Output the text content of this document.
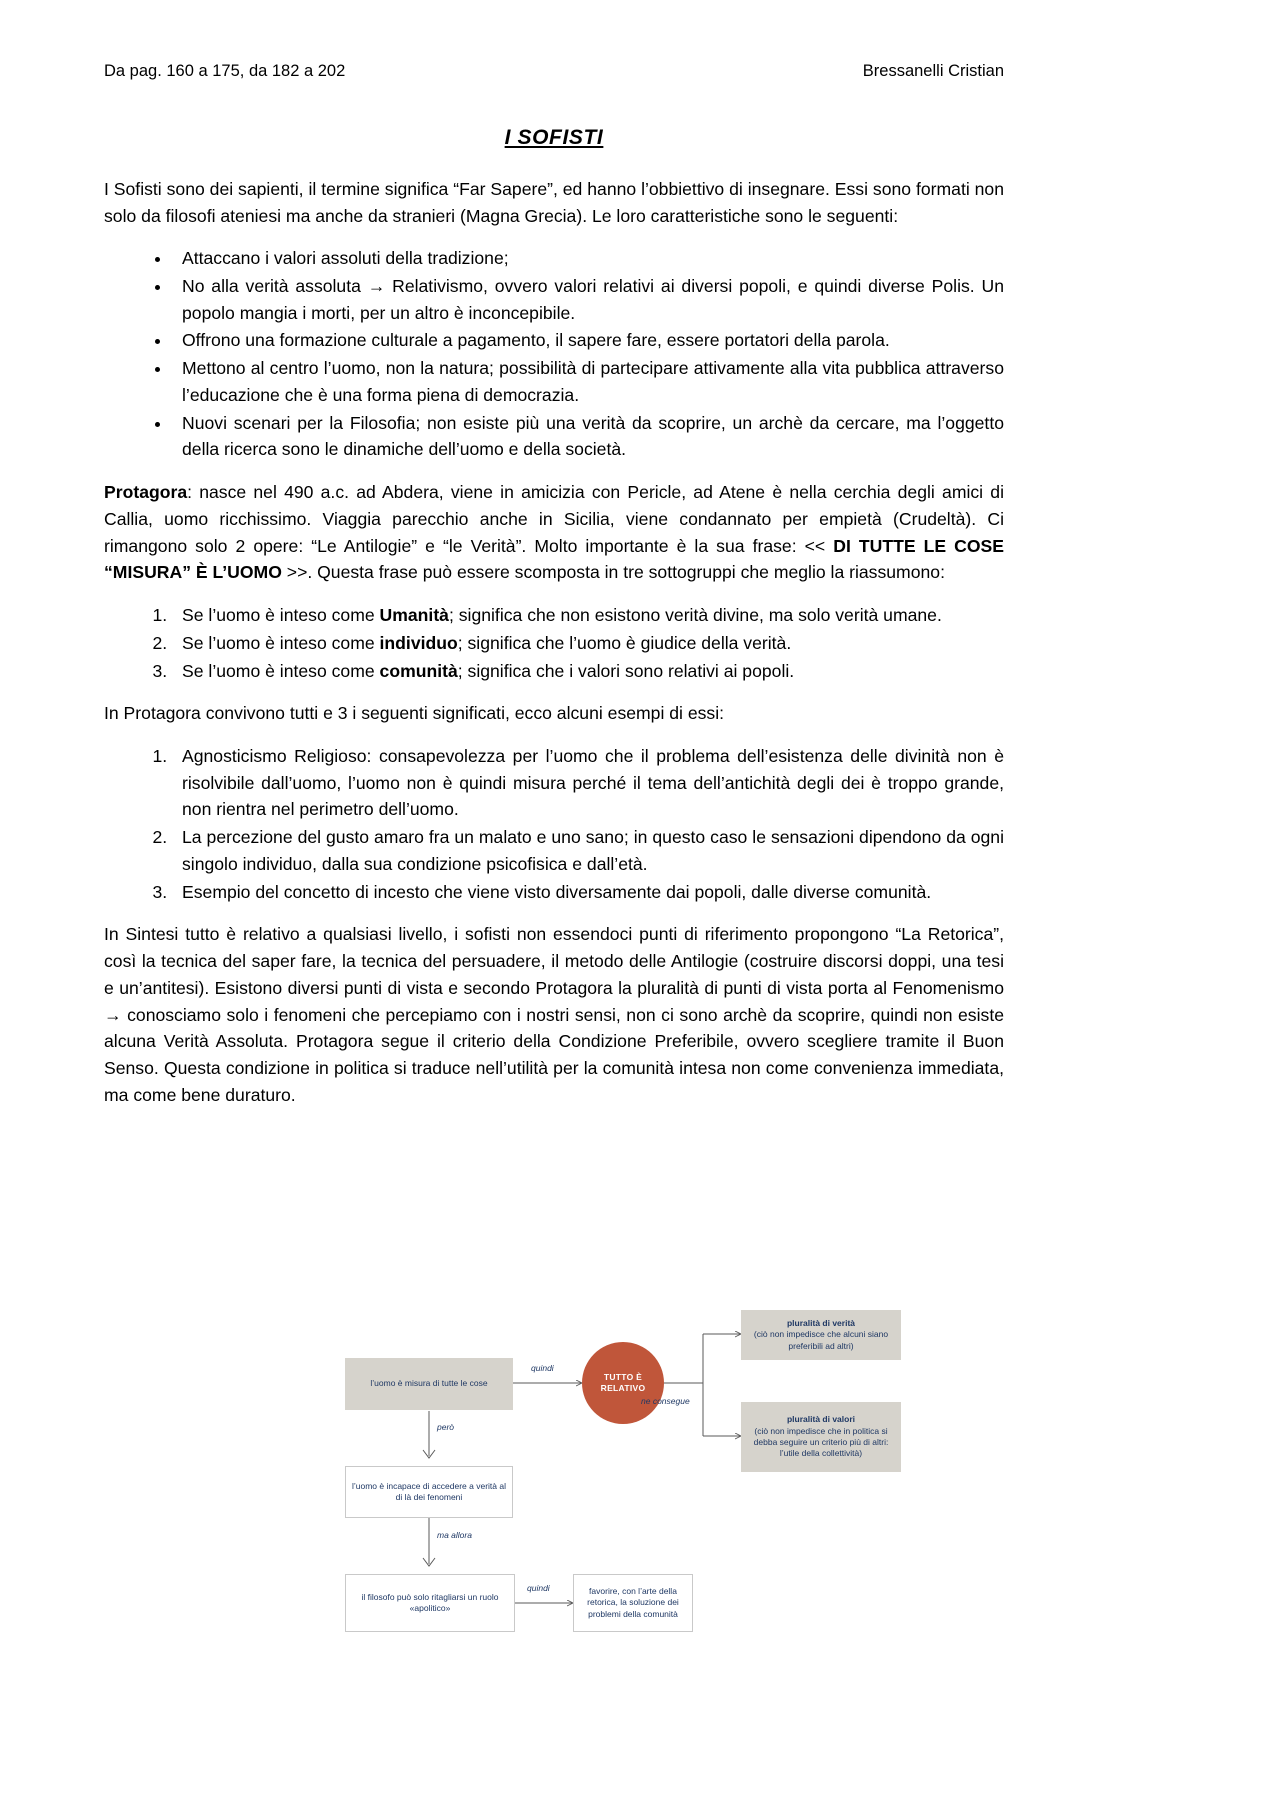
Da pag. 160 a 175, da 182 a 202	Bressanelli Cristian
I SOFISTI

I Sofisti sono dei sapienti, il termine significa “Far Sapere”, ed hanno l’obbiettivo di insegnare. Essi sono formati non solo da filosofi ateniesi ma anche da stranieri (Magna Grecia). Le loro caratteristiche sono le seguenti:

• Attaccano i valori assoluti della tradizione;
• No alla verità assoluta → Relativismo, ovvero valori relativi ai diversi popoli, e quindi diverse Polis. Un popolo mangia i morti, per un altro è inconcepibile.
• Offrono una formazione culturale a pagamento, il sapere fare, essere portatori della parola.
• Mettono al centro l’uomo, non la natura; possibilità di partecipare attivamente alla vita pubblica attraverso l’educazione che è una forma piena di democrazia.
• Nuovi scenari per la Filosofia; non esiste più una verità da scoprire, un archè da cercare, ma l’oggetto della ricerca sono le dinamiche dell’uomo e della società.

Protagora: nasce nel 490 a.c. ad Abdera, viene in amicizia con Pericle, ad Atene è nella cerchia degli amici di Callia, uomo ricchissimo. Viaggia parecchio anche in Sicilia, viene condannato per empietà (Crudeltà). Ci rimangono solo 2 opere: “Le Antilogie” e “le Verità”. Molto importante è la sua frase: << DI TUTTE LE COSE “MISURA” È L’UOMO >>. Questa frase può essere scomposta in tre sottogruppi che meglio la riassumono:

1. Se l’uomo è inteso come Umanità; significa che non esistono verità divine, ma solo verità umane.
2. Se l’uomo è inteso come individuo; significa che l’uomo è giudice della verità.
3. Se l’uomo è inteso come comunità; significa che i valori sono relativi ai popoli.

In Protagora convivono tutti e 3 i seguenti significati, ecco alcuni esempi di essi:

1. Agnosticismo Religioso: consapevolezza per l’uomo che il problema dell’esistenza delle divinità non è risolvibile dall’uomo, l’uomo non è quindi misura perché il tema dell’antichità degli dei è troppo grande, non rientra nel perimetro dell’uomo.
2. La percezione del gusto amaro fra un malato e uno sano; in questo caso le sensazioni dipendono da ogni singolo individuo, dalla sua condizione psicofisica e dall’età.
3. Esempio del concetto di incesto che viene visto diversamente dai popoli, dalle diverse comunità.

In Sintesi tutto è relativo a qualsiasi livello, i sofisti non essendoci punti di riferimento propongono “La Retorica”, così la tecnica del saper fare, la tecnica del persuadere, il metodo delle Antilogie (costruire discorsi doppi, una tesi e un’antitesi). Esistono diversi punti di vista e secondo Protagora la pluralità di punti di vista porta al Fenomenismo → conosciamo solo i fenomeni che percepiamo con i nostri sensi, non ci sono archè da scoprire, quindi non esiste alcuna Verità Assoluta. Protagora segue il criterio della Condizione Preferibile, ovvero scegliere tramite il Buon Senso. Questa condizione in politica si traduce nell’utilità per la comunità intesa non come convenienza immediata, ma come bene duraturo.

l’uomo è misura di tutte le cose
quindi
TUTTO È RELATIVO
ne consegue
pluralità di verità
(ciò non impedisce che alcuni siano preferibili ad altri)
pluralità di valori
(ciò non impedisce che in politica si debba seguire un criterio più di altri: l’utile della collettività)
però
l’uomo è incapace di accedere a verità al di là dei fenomeni
ma allora
il filosofo può solo ritagliarsi un ruolo «apolitico»
quindi	favorire, con l’arte della retorica, la soluzione dei problemi della comunità
